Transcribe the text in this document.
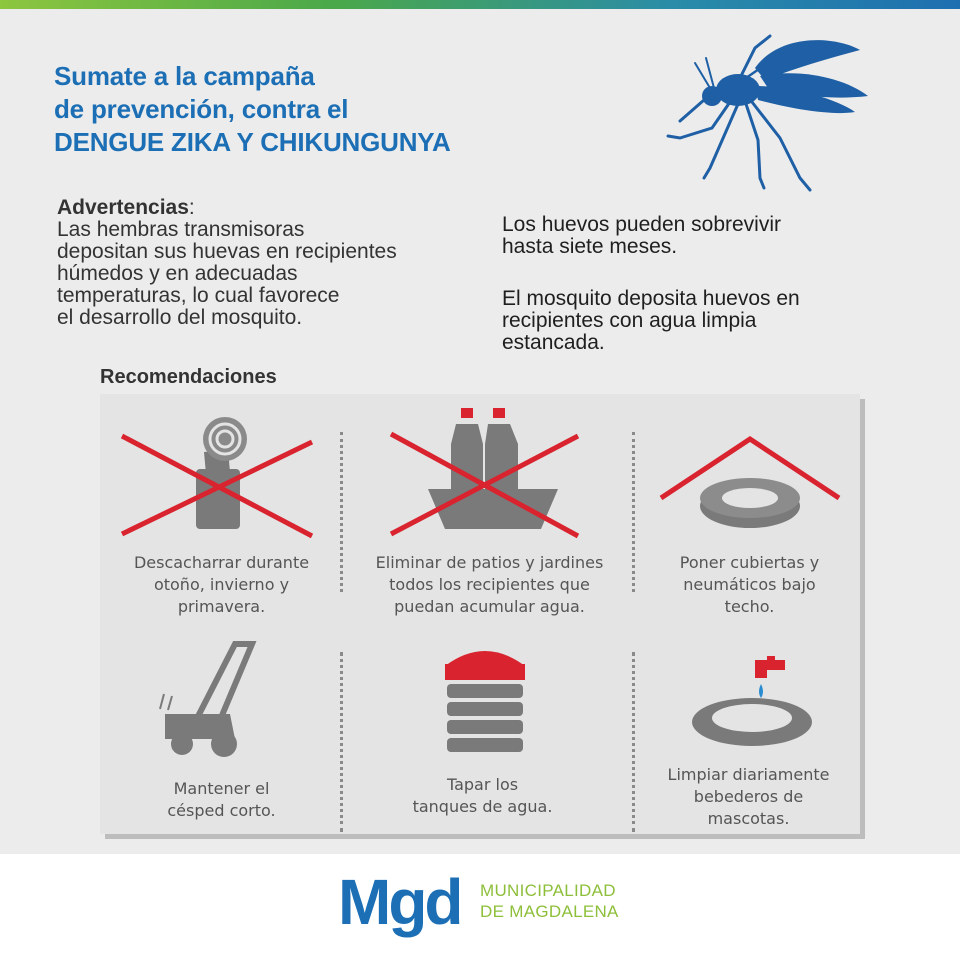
Sumate a la campaña
de prevención, contra el
DENGUE ZIKA Y CHIKUNGUNYA
Advertencias:
Las hembras transmisoras
depositan sus huevas en recipientes
húmedos y en adecuadas
temperaturas, lo cual favorece
el desarrollo del mosquito.
Los huevos pueden sobrevivir
hasta siete meses.
El mosquito deposita huevos en
recipientes con agua limpia
estancada.
Recomendaciones
Descacharrar durante
otoño, invierno y
primavera.
Eliminar de patios y jardines
todos los recipientes que
puedan acumular agua.
Poner cubiertas y
neumáticos bajo
techo.
Mantener el
césped corto.
Tapar los
tanques de agua.
Limpiar diariamente
bebederos de
mascotas.
Mgd MUNICIPALIDAD
DE MAGDALENA
